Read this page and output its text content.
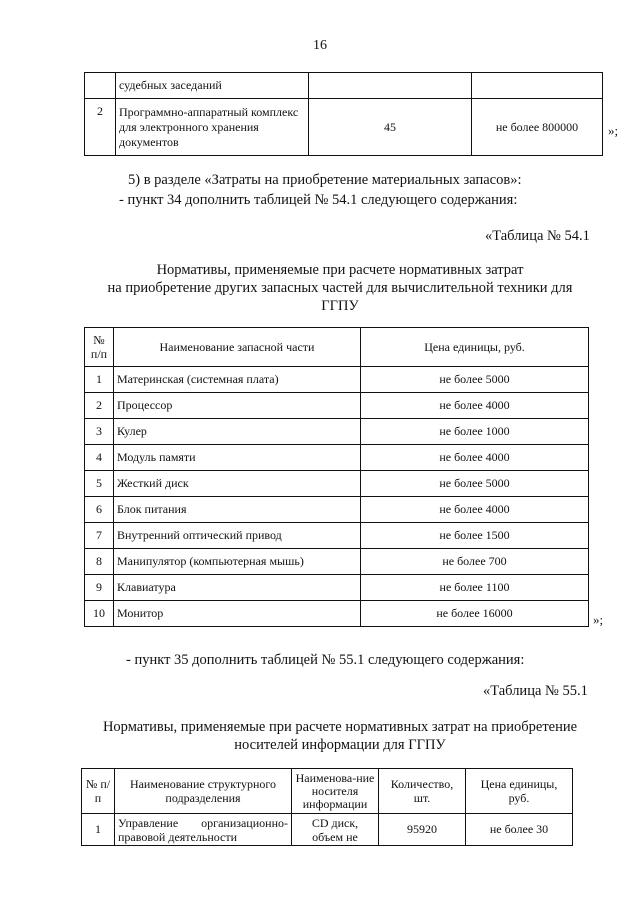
16
	судебных заседаний		
2	Программно-аппаратный комплекс для электронного хранения документов	45	не более 800000 »;
5) в разделе «Затраты на приобретение материальных запасов»:
- пункт 34 дополнить таблицей № 54.1 следующего содержания:
«Таблица № 54.1
Нормативы, применяемые при расчете нормативных затрат
на приобретение других запасных частей для вычислительной техники для
ГГПУ
№ п/п	Наименование запасной части	Цена единицы, руб.
1	Материнская (системная плата)	не более 5000
2	Процессор	не более 4000
3	Кулер	не более 1000
4	Модуль памяти	не более 4000
5	Жесткий диск	не более 5000
6	Блок питания	не более 4000
7	Внутренний оптический привод	не более 1500
8	Манипулятор (компьютерная мышь)	не более 700
9	Клавиатура	не более 1100
10	Монитор	не более 16000	»;
- пункт 35 дополнить таблицей № 55.1 следующего содержания:
«Таблица № 55.1
Нормативы, применяемые при расчете нормативных затрат на приобретение
носителей информации для ГГПУ
№ п/п	Наименование структурного подразделения	Наименова-ние носителя информации	Количество, шт.	Цена единицы, руб.
1	Управление организационно-правовой деятельности	CD диск, объем не	95920	не более 30
